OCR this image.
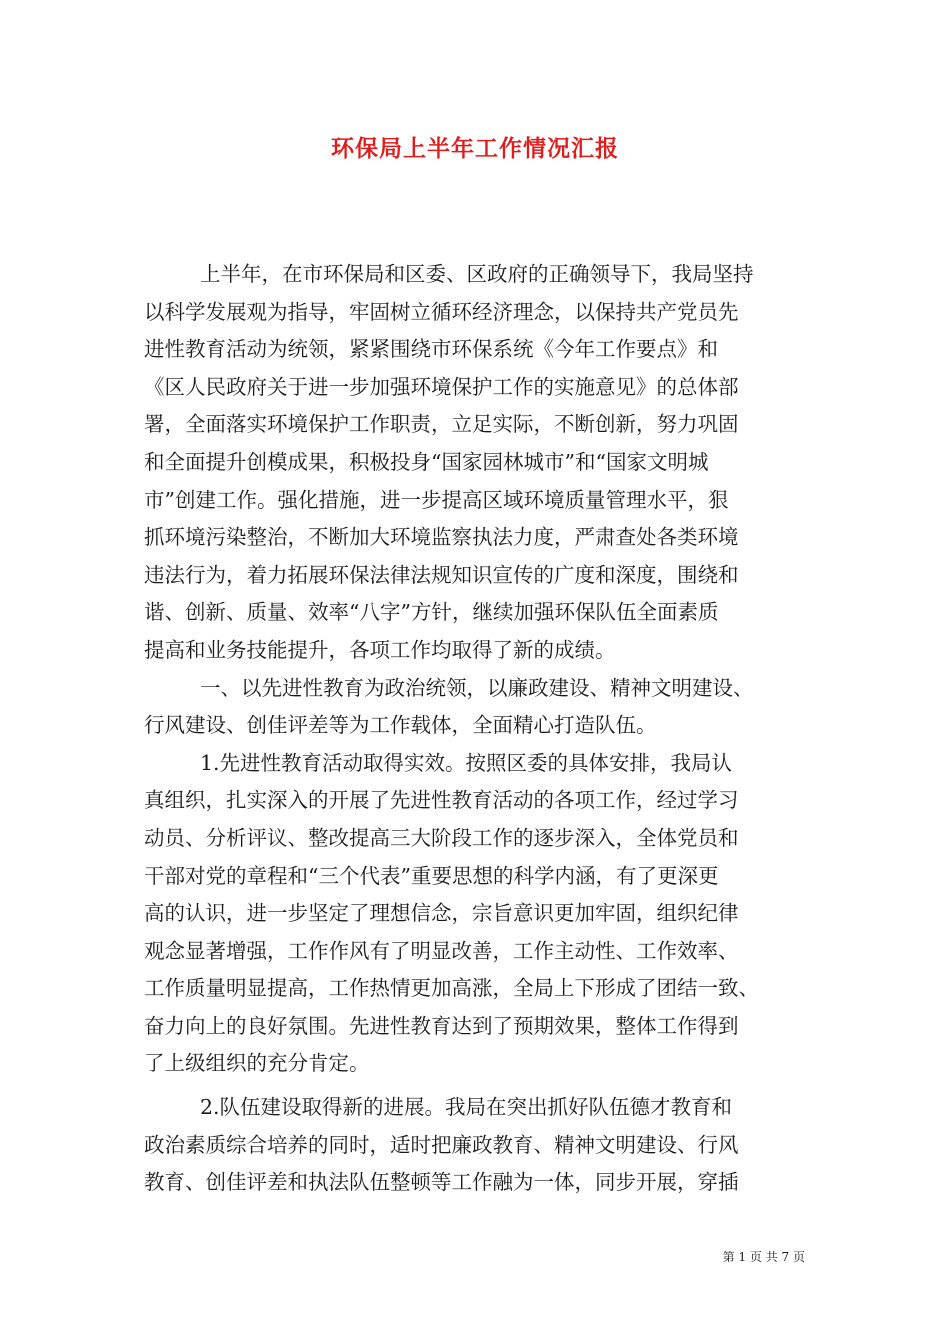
环保局上半年工作情况汇报
上半年，在市环保局和区委、区政府的正确领导下，我局坚持
以科学发展观为指导，牢固树立循环经济理念，以保持共产党员先
进性教育活动为统领，紧紧围绕市环保系统《今年工作要点》和
《区人民政府关于进一步加强环境保护工作的实施意见》的总体部
署，全面落实环境保护工作职责，立足实际，不断创新，努力巩固
和全面提升创模成果，积极投身“国家园林城市”和“国家文明城
市”创建工作。强化措施，进一步提高区域环境质量管理水平，狠
抓环境污染整治，不断加大环境监察执法力度，严肃查处各类环境
违法行为，着力拓展环保法律法规知识宣传的广度和深度，围绕和
谐、创新、质量、效率“八字”方针，继续加强环保队伍全面素质
提高和业务技能提升，各项工作均取得了新的成绩。
一、以先进性教育为政治统领，以廉政建设、精神文明建设、
行风建设、创佳评差等为工作载体，全面精心打造队伍。
1.先进性教育活动取得实效。按照区委的具体安排，我局认
真组织，扎实深入的开展了先进性教育活动的各项工作，经过学习
动员、分析评议、整改提高三大阶段工作的逐步深入，全体党员和
干部对党的章程和“三个代表”重要思想的科学内涵，有了更深更
高的认识，进一步坚定了理想信念，宗旨意识更加牢固，组织纪律
观念显著增强，工作作风有了明显改善，工作主动性、工作效率、
工作质量明显提高，工作热情更加高涨，全局上下形成了团结一致、
奋力向上的良好氛围。先进性教育达到了预期效果，整体工作得到
了上级组织的充分肯定。
2.队伍建设取得新的进展。我局在突出抓好队伍德才教育和
政治素质综合培养的同时，适时把廉政教育、精神文明建设、行风
教育、创佳评差和执法队伍整顿等工作融为一体，同步开展，穿插
第 1 页 共 7 页
